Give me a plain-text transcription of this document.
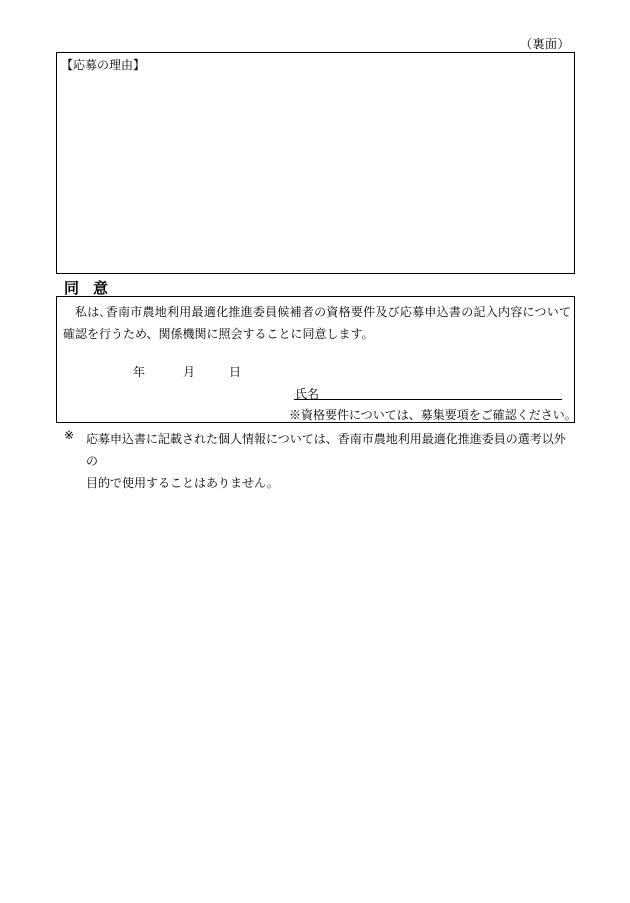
（裏面）
【応募の理由】
同意
私は､香南市農地利用最適化推進委員候補者の資格要件及び応募申込書の記入内容について確認を行うため、関係機関に照会することに同意します。
年	月	日
氏名
※資格要件については、募集要項をご確認ください。
※ 応募申込書に記載された個人情報については、香南市農地利用最適化推進委員の選考以外の
目的で使用することはありません。
